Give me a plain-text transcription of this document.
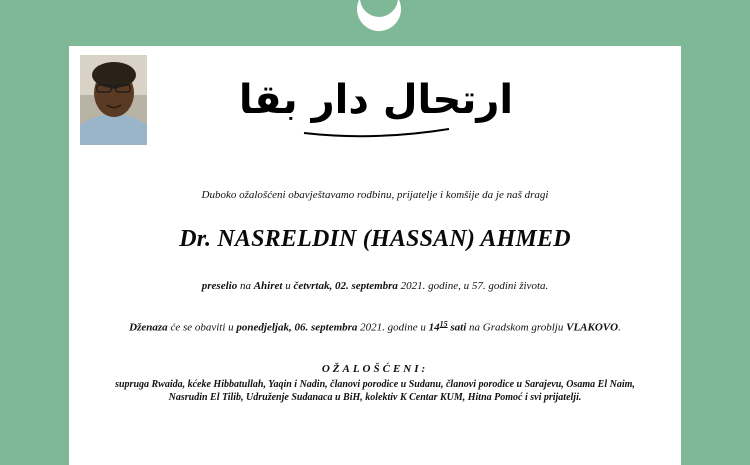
ارتحال دار بقا
Duboko ožalošćeni obavještavamo rodbinu, prijatelje i komšije da je naš dragi
Dr. NASRELDIN (HASSAN) AHMED
preselio na Ahiret u četvrtak, 02. septembra 2021. godine, u 57. godini života.
Dženaza će se obaviti u ponedjeljak, 06. septembra 2021. godine u $14^{15}$ sati na Gradskom groblju VLAKOVO.
OŽALOŠĆENI:
supruga Rwaida, kćeke Hibbatullah, Yaqin i Nadin, članovi porodice u Sudanu, članovi porodice u Sarajevu, Osama El Naim,
Nasrudin El Tilib, Udruženje Sudanaca u BiH, kolektiv K Centar KUM, Hitna Pomoć i svi prijatelji.
